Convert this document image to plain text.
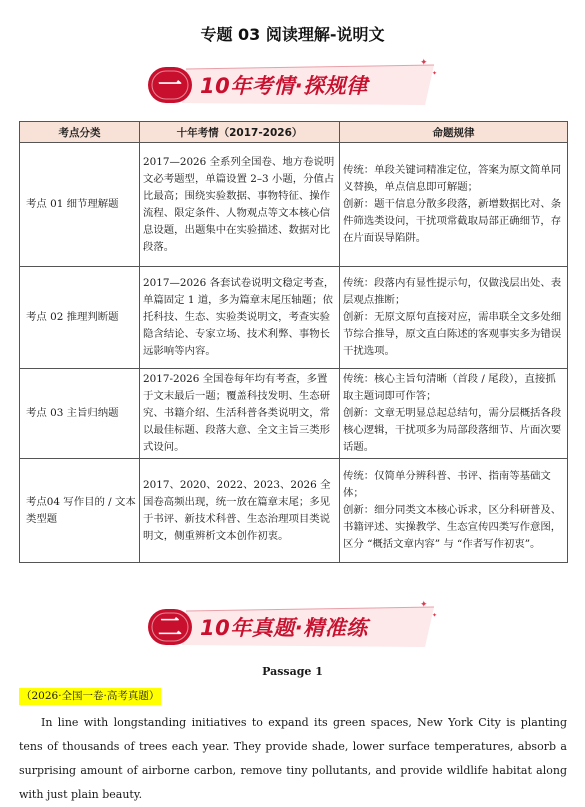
专题 03 阅读理解-说明文
一 10年考情·探规律
✦
✦
考点分类	十年考情（2017-2026）	命题规律
考点 01 细节理解题	2017—2026 全系列全国卷、地方卷说明文必考题型，单篇设置 2–3 小题，分值占比最高；围绕实验数据、事物特征、操作流程、限定条件、人物观点等文本核心信息设题，出题集中在实验描述、数据对比段落。	传统：单段关键词精准定位，答案为原文简单同义替换，单点信息即可解题；
创新：题干信息分散多段落，新增数据比对、条件筛选类设问，干扰项常截取局部正确细节，存在片面误导陷阱。
考点 02 推理判断题	2017—2026 各套试卷说明文稳定考查，单篇固定 1 道，多为篇章末尾压轴题；依托科技、生态、实验类说明文，考查实验隐含结论、专家立场、技术利弊、事物长远影响等内容。	传统：段落内有显性提示句，仅做浅层出处、表层观点推断；
创新：无原文原句直接对应，需串联全文多处细节综合推导，原文直白陈述的客观事实多为错误干扰选项。
考点 03 主旨归纳题	2017-2026 全国卷每年均有考查，多置于文末最后一题；覆盖科技发明、生态研究、书籍介绍、生活科普各类说明文，常以最佳标题、段落大意、全文主旨三类形式设问。	传统：核心主旨句清晰（首段 / 尾段），直接抓取主题词即可作答；
创新：文章无明显总起总结句，需分层概括各段核心逻辑，干扰项多为局部段落细节、片面次要话题。
考点04 写作目的 / 文本类型题	2017、2020、2022、2023、2026 全国卷高频出现，统一放在篇章末尾；多见于书评、新技术科普、生态治理项目类说明文，侧重辨析文本创作初衷。	传统：仅简单分辨科普、书评、指南等基础文体；
创新：细分同类文本核心诉求，区分科研普及、书籍评述、实操教学、生态宣传四类写作意图，区分 “概括文章内容” 与 “作者写作初衷”。
二 10年真题·精准练
✦
✦
Passage 1
（2026·全国一卷·高考真题）

In line with longstanding initiatives to expand its green spaces, New York City is planting tens of thousands of trees each year. They provide shade, lower surface temperatures, absorb a surprising amount of airborne carbon, remove tiny pollutants, and provide wildlife habitat along with just plain beauty.
